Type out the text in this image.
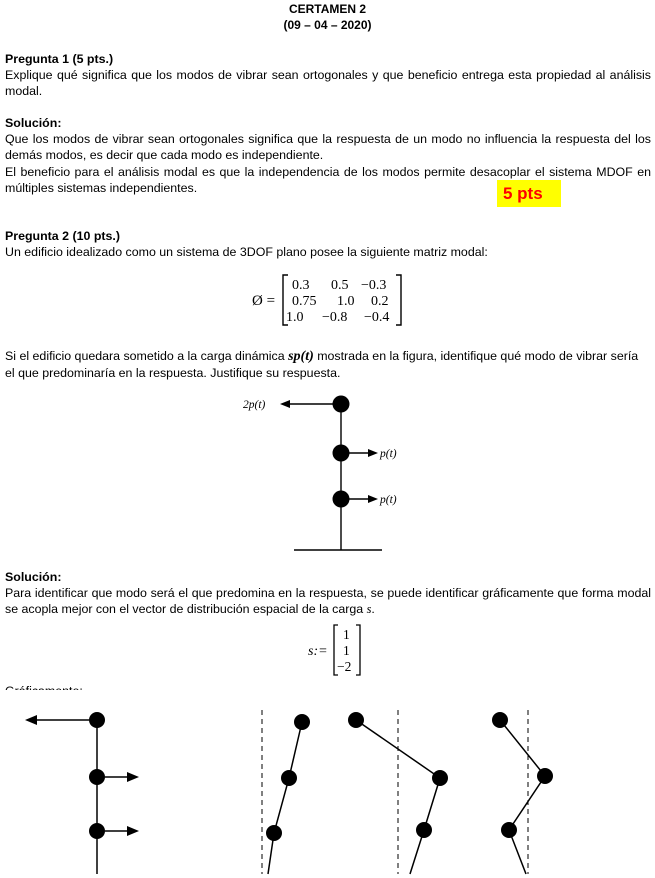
CERTAMEN 2
(09 – 04 – 2020)
Pregunta 1 (5 pts.)
Explique qué significa que los modos de vibrar sean ortogonales y que beneficio entrega esta propiedad al análisis modal.
Solución:
Que los modos de vibrar sean ortogonales significa que la respuesta de un modo no influencia la respuesta del los demás modos, es decir que cada modo es independiente.
El beneficio para el análisis modal es que la independencia de los modos permite desacoplar el sistema MDOF en múltiples sistemas independientes.	5 pts
Pregunta 2 (10 pts.)
Un edificio idealizado como un sistema de 3DOF plano posee la siguiente matriz modal:
Ø =
0.3 0.5 −0.3
0.75 1.0 0.2
1.0 −0.8 −0.4
Si el edificio quedara sometido a la carga dinámica sp(t) mostrada en la figura, identifique qué modo de vibrar sería el que predominaría en la respuesta. Justifique su respuesta.
2p(t)
p(t)
p(t)
Solución:
Para identificar que modo será el que predomina en la respuesta, se puede identificar gráficamente que forma modal se acopla mejor con el vector de distribución espacial de la carga s.
s:=
1
1
−2
